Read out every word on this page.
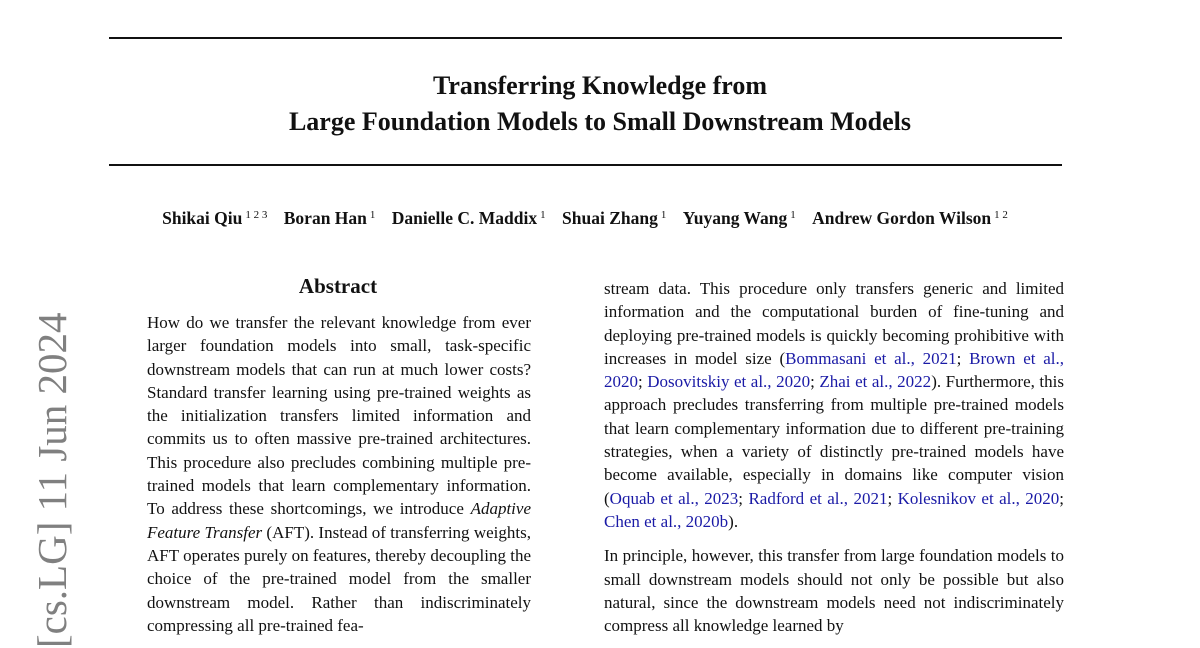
Transferring Knowledge from
Large Foundation Models to Small Downstream Models
Shikai Qiu $^{1 2 3}$ Boran Han $^1$ Danielle C. Maddix $^1$ Shuai Zhang $^1$ Yuyang Wang $^1$ Andrew Gordon Wilson $^{1 2}$
[cs.LG] 11 Jun 2024
Abstract
How do we transfer the relevant knowledge from ever larger foundation models into small, task-specific downstream models that can run at much lower costs? Standard transfer learning using pre-trained weights as the initialization transfers limited information and commits us to often massive pre-trained architectures. This procedure also precludes combining multiple pre-trained models that learn complementary information. To address these shortcomings, we introduce Adaptive Feature Transfer (AFT). Instead of transferring weights, AFT operates purely on features, thereby decoupling the choice of the pre-trained model from the smaller downstream model. Rather than indiscriminately compressing all pre-trained fea-

stream data. This procedure only transfers generic and limited information and the computational burden of fine-tuning and deploying pre-trained models is quickly becoming prohibitive with increases in model size (Bommasani et al., 2021; Brown et al., 2020; Dosovitskiy et al., 2020; Zhai et al., 2022). Furthermore, this approach precludes transferring from multiple pre-trained models that learn complementary information due to different pre-training strategies, when a variety of distinctly pre-trained models have become available, especially in domains like computer vision (Oquab et al., 2023; Radford et al., 2021; Kolesnikov et al., 2020; Chen et al., 2020b).

In principle, however, this transfer from large foundation models to small downstream models should not only be possible but also natural, since the downstream models need not indiscriminately compress all knowledge learned by
